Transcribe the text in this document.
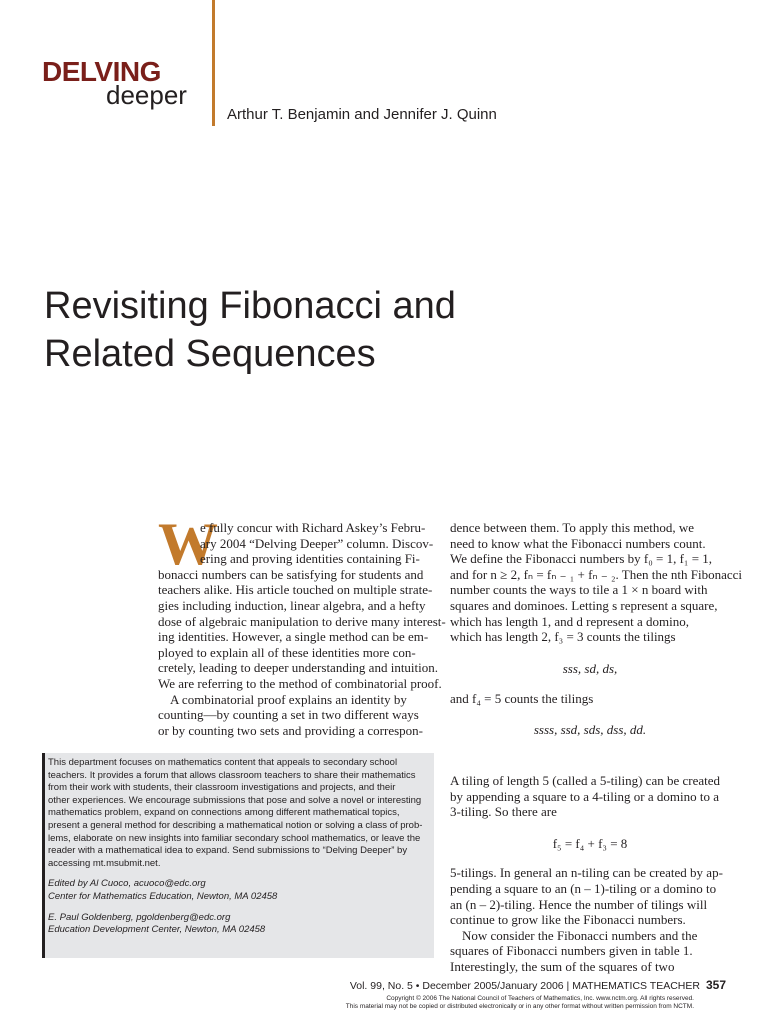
DELVING
deeper
Arthur T. Benjamin and Jennifer J. Quinn
Revisiting Fibonacci and
Related Sequences
W
e fully concur with Richard Askey’s Febru-
ary 2004 “Delving Deeper” column. Discov-
ering and proving identities containing Fi-
bonacci numbers can be satisfying for students and
teachers alike. His article touched on multiple strate-
gies including induction, linear algebra, and a hefty
dose of algebraic manipulation to derive many interest-
ing identities. However, a single method can be em-
ployed to explain all of these identities more con-
cretely, leading to deeper understanding and intuition.
We are referring to the method of combinatorial proof.
A combinatorial proof explains an identity by
counting—by counting a set in two different ways
or by counting two sets and providing a correspon-
dence between them. To apply this method, we
need to know what the Fibonacci numbers count.
We define the Fibonacci numbers by f₀ = 1, f₁ = 1,
and for n ≥ 2, fₙ = fₙ ₋ ₁ + fₙ ₋ ₂. Then the nth Fibonacci
number counts the ways to tile a 1 × n board with
squares and dominoes. Letting s represent a square,
which has length 1, and d represent a domino,
which has length 2, f₃ = 3 counts the tilings
sss, sd, ds,
and f₄ = 5 counts the tilings
ssss, ssd, sds, dss, dd.
A tiling of length 5 (called a 5-tiling) can be created
by appending a square to a 4-tiling or a domino to a
3-tiling. So there are
f₅ = f₄ + f₃ = 8
5-tilings. In general an n-tiling can be created by ap-
pending a square to an (n – 1)-tiling or a domino to
an (n – 2)-tiling. Hence the number of tilings will
continue to grow like the Fibonacci numbers.
Now consider the Fibonacci numbers and the
squares of Fibonacci numbers given in table 1.
Interestingly, the sum of the squares of two
This department focuses on mathematics content that appeals to secondary school
teachers. It provides a forum that allows classroom teachers to share their mathematics
from their work with students, their classroom investigations and projects, and their
other experiences. We encourage submissions that pose and solve a novel or interesting
mathematics problem, expand on connections among different mathematical topics,
present a general method for describing a mathematical notion or solving a class of prob-
lems, elaborate on new insights into familiar secondary school mathematics, or leave the
reader with a mathematical idea to expand. Send submissions to “Delving Deeper” by
accessing mt.msubmit.net.
Edited by Al Cuoco, acuoco@edc.org
Center for Mathematics Education, Newton, MA 02458
E. Paul Goldenberg, pgoldenberg@edc.org
Education Development Center, Newton, MA 02458
Vol. 99, No. 5 • December 2005/January 2006 | MATHEMATICS TEACHER 357
Copyright © 2006 The National Council of Teachers of Mathematics, Inc. www.nctm.org. All rights reserved.
This material may not be copied or distributed electronically or in any other format without written permission from NCTM.
